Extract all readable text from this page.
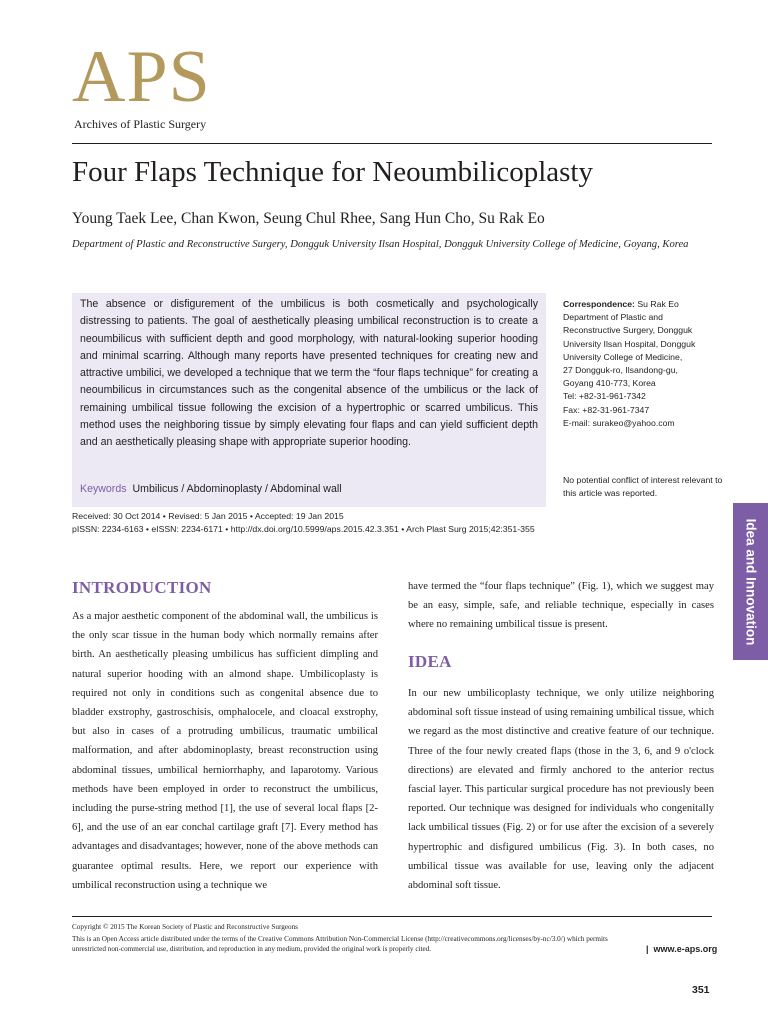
APS
Archives of Plastic Surgery
Four Flaps Technique for Neoumbilicoplasty
Young Taek Lee, Chan Kwon, Seung Chul Rhee, Sang Hun Cho, Su Rak Eo
Department of Plastic and Reconstructive Surgery, Dongguk University Ilsan Hospital, Dongguk University College of Medicine, Goyang, Korea
The absence or disfigurement of the umbilicus is both cosmetically and psychologically distressing to patients. The goal of aesthetically pleasing umbilical reconstruction is to create a neoumbilicus with sufficient depth and good morphology, with natural-looking superior hooding and minimal scarring. Although many reports have presented techniques for creating new and attractive umbilici, we developed a technique that we term the “four flaps technique” for creating a neoumbilicus in circumstances such as the congenital absence of the umbilicus or the lack of remaining umbilical tissue following the excision of a hypertrophic or scarred umbilicus. This method uses the neighboring tissue by simply elevating four flaps and can yield sufficient depth and an aesthetically pleasing shape with appropriate superior hooding.
Keywords Umbilicus / Abdominoplasty / Abdominal wall
Correspondence: Su Rak Eo
Department of Plastic and
Reconstructive Surgery, Dongguk
University Ilsan Hospital, Dongguk
University College of Medicine,
27 Dongguk-ro, Ilsandong-gu,
Goyang 410-773, Korea
Tel: +82-31-961-7342
Fax: +82-31-961-7347
E-mail: surakeo@yahoo.com
No potential conflict of interest relevant to this article was reported.
Received: 30 Oct 2014 • Revised: 5 Jan 2015 • Accepted: 19 Jan 2015
pISSN: 2234-6163 • eISSN: 2234-6171 • http://dx.doi.org/10.5999/aps.2015.42.3.351 • Arch Plast Surg 2015;42:351-355	Idea and Innovation
INTRODUCTION

As a major aesthetic component of the abdominal wall, the umbilicus is the only scar tissue in the human body which normally remains after birth. An aesthetically pleasing umbilicus has sufficient dimpling and natural superior hooding with an almond shape. Umbilicoplasty is required not only in conditions such as congenital absence due to bladder exstrophy, gastroschisis, omphalocele, and cloacal exstrophy, but also in cases of a protruding umbilicus, traumatic umbilical malformation, and after abdominoplasty, breast reconstruction using abdominal tissues, umbilical herniorrhaphy, and laparotomy. Various methods have been employed in order to reconstruct the umbilicus, including the purse-string method [1], the use of several local flaps [2-6], and the use of an ear conchal cartilage graft [7]. Every method has advantages and disadvantages; however, none of the above methods can guarantee optimal results. Here, we report our experience with umbilical reconstruction using a technique we

have termed the “four flaps technique” (Fig. 1), which we suggest may be an easy, simple, safe, and reliable technique, especially in cases where no remaining umbilical tissue is present.

IDEA

In our new umbilicoplasty technique, we only utilize neighboring abdominal soft tissue instead of using remaining umbilical tissue, which we regard as the most distinctive and creative feature of our technique. Three of the four newly created flaps (those in the 3, 6, and 9 o'clock directions) are elevated and firmly anchored to the anterior rectus fascial layer. This particular surgical procedure has not previously been reported. Our technique was designed for individuals who congenitally lack umbilical tissues (Fig. 2) or for use after the excision of a severely hypertrophic and disfigured umbilicus (Fig. 3). In both cases, no umbilical tissue was available for use, leaving only the adjacent abdominal soft tissue.

Copyright © 2015 The Korean Society of Plastic and Reconstructive Surgeons
This is an Open Access article distributed under the terms of the Creative Commons Attribution Non-Commercial License (http://creativecommons.org/licenses/by-nc/3.0/) which permits unrestricted non-commercial use, distribution, and reproduction in any medium, provided the original work is properly cited.	| www.e-aps.org
351
